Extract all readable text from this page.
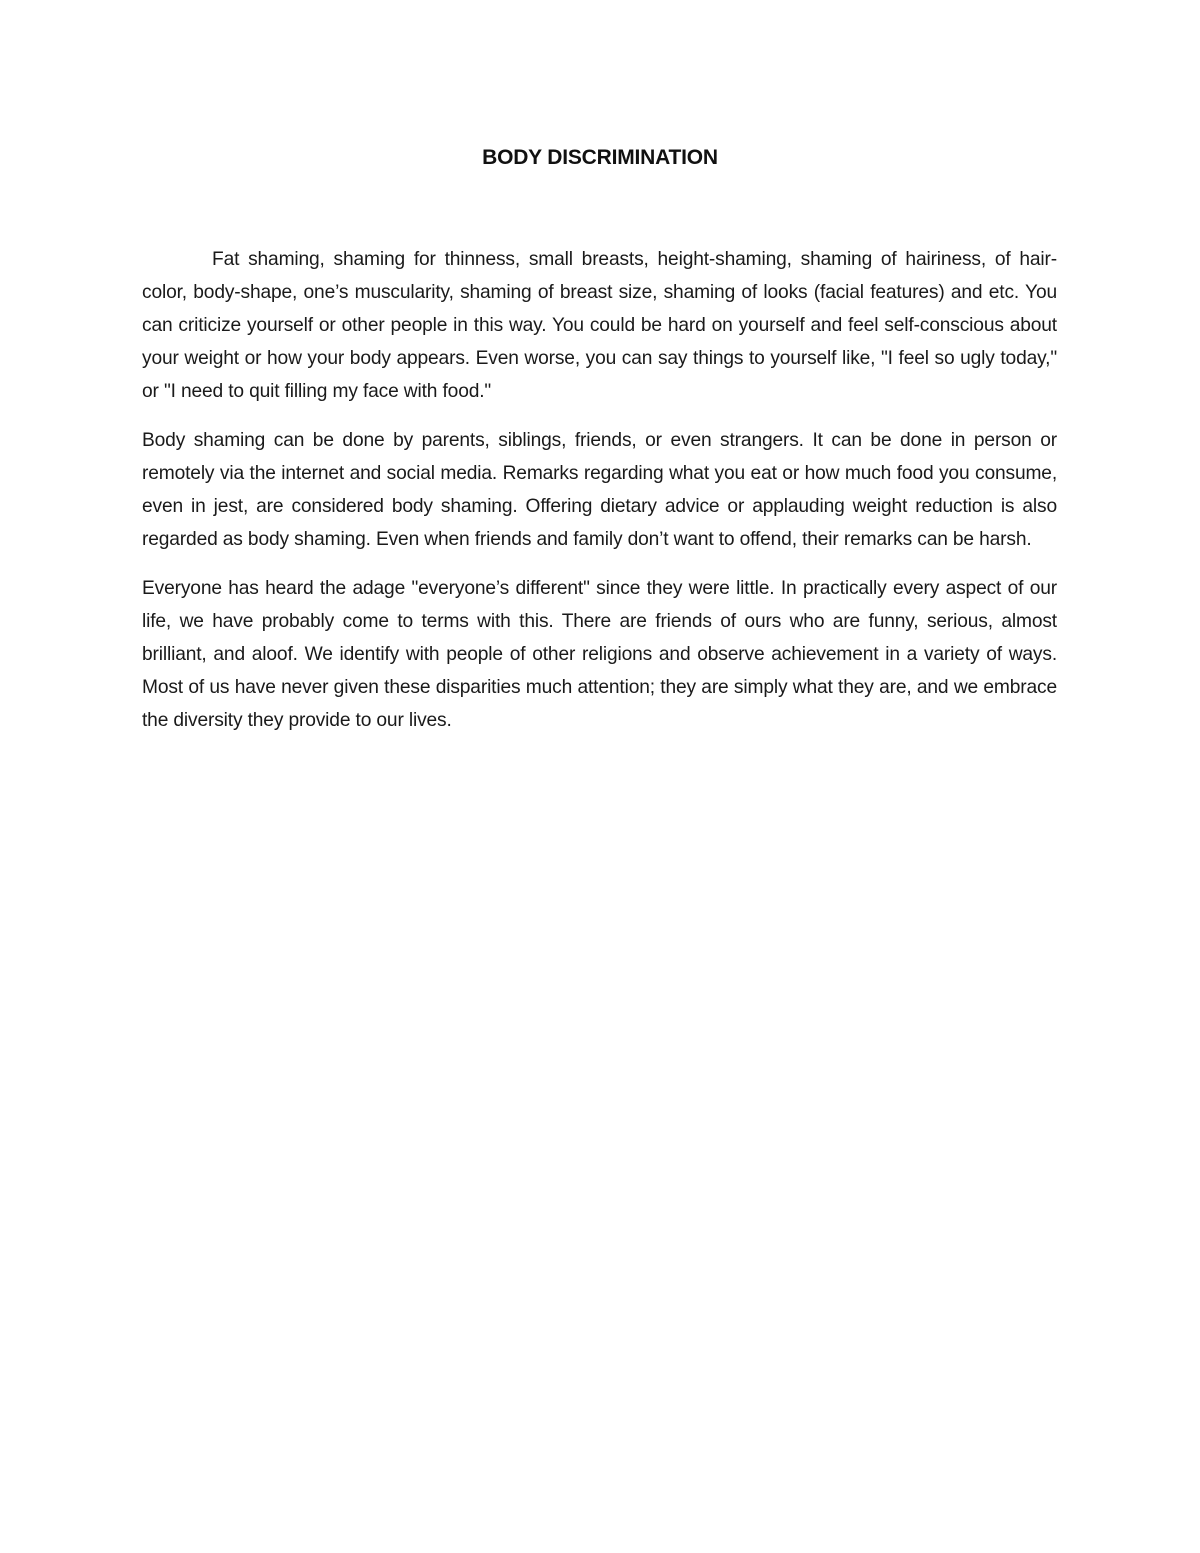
BODY DISCRIMINATION

Fat shaming, shaming for thinness, small breasts, height-shaming, shaming of hairiness, of hair-color, body-shape, one’s muscularity, shaming of breast size, shaming of looks (facial features) and etc. You can criticize yourself or other people in this way. You could be hard on yourself and feel self-conscious about your weight or how your body appears. Even worse, you can say things to yourself like, "I feel so ugly today," or "I need to quit filling my face with food."

Body shaming can be done by parents, siblings, friends, or even strangers. It can be done in person or remotely via the internet and social media. Remarks regarding what you eat or how much food you consume, even in jest, are considered body shaming. Offering dietary advice or applauding weight reduction is also regarded as body shaming. Even when friends and family don’t want to offend, their remarks can be harsh.

Everyone has heard the adage "everyone’s different" since they were little. In practically every aspect of our life, we have probably come to terms with this. There are friends of ours who are funny, serious, almost brilliant, and aloof. We identify with people of other religions and observe achievement in a variety of ways. Most of us have never given these disparities much attention; they are simply what they are, and we embrace the diversity they provide to our lives.
